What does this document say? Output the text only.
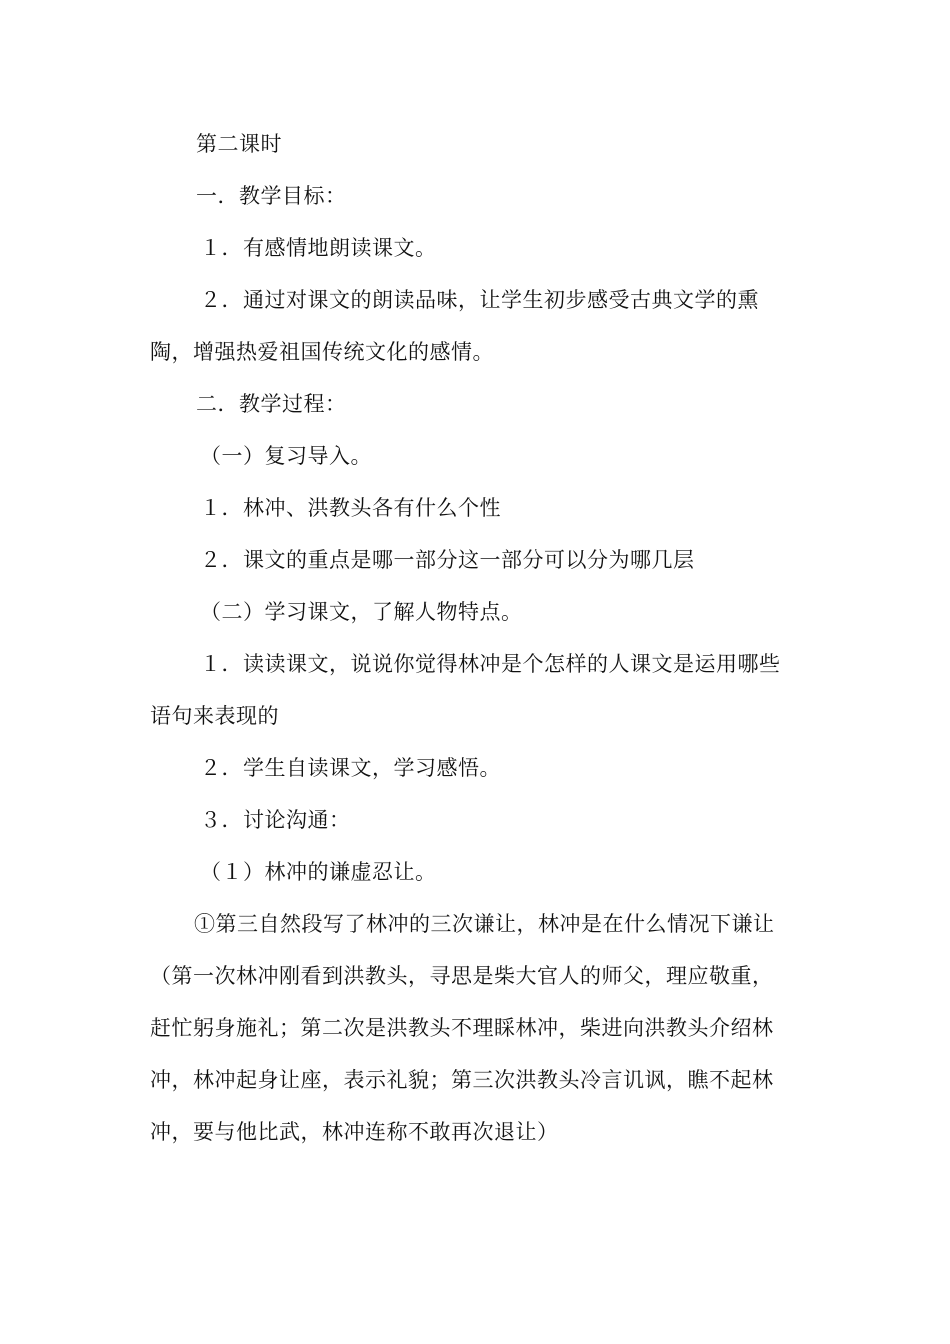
第二课时
一．教学目标：
１．有感情地朗读课文。
２．通过对课文的朗读品味，让学生初步感受古典文学的熏
陶，增强热爱祖国传统文化的感情。
二．教学过程：
（一）复习导入。
１．林冲、洪教头各有什么个性
２．课文的重点是哪一部分这一部分可以分为哪几层
（二）学习课文，了解人物特点。
１．读读课文，说说你觉得林冲是个怎样的人课文是运用哪些
语句来表现的
２．学生自读课文，学习感悟。
３．讨论沟通：
（１）林冲的谦虚忍让。
①第三自然段写了林冲的三次谦让，林冲是在什么情况下谦让
（第一次林冲刚看到洪教头，寻思是柴大官人的师父，理应敬重，
赶忙躬身施礼；第二次是洪教头不理睬林冲，柴进向洪教头介绍林
冲，林冲起身让座，表示礼貌；第三次洪教头冷言讥讽，瞧不起林
冲，要与他比武，林冲连称不敢再次退让）
